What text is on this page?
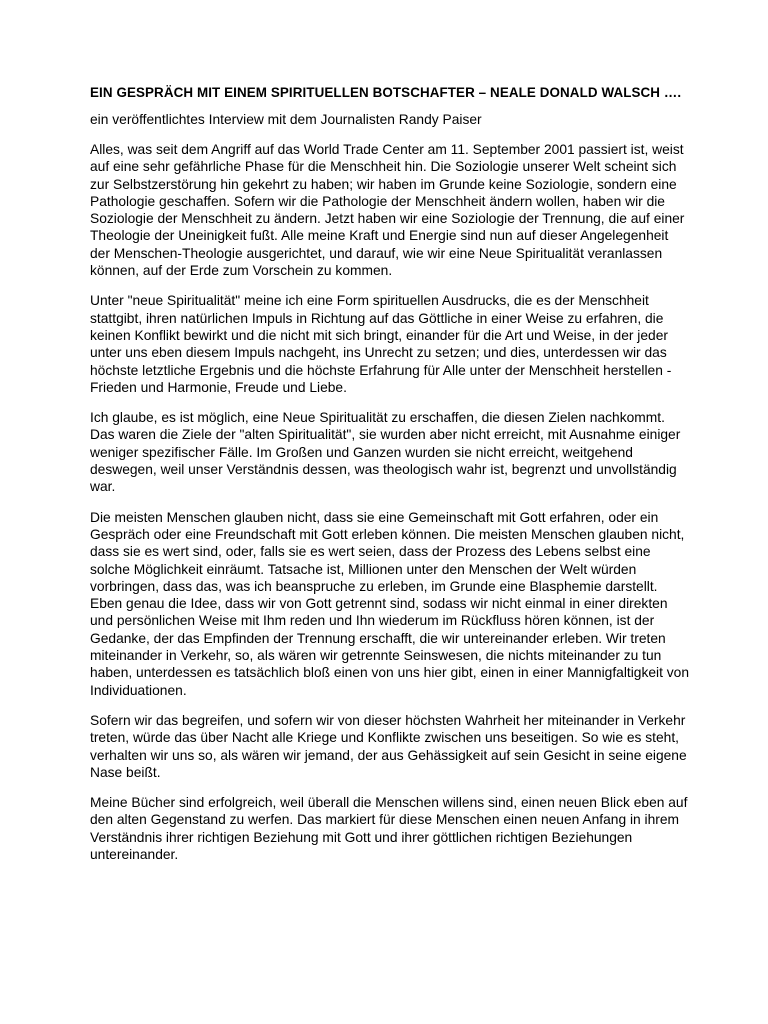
EIN GESPRÄCH MIT EINEM SPIRITUELLEN BOTSCHAFTER – NEALE DONALD WALSCH ….
ein veröffentlichtes Interview mit dem Journalisten Randy Paiser

Alles, was seit dem Angriff auf das World Trade Center am 11. September 2001 passiert ist, weist auf eine sehr gefährliche Phase für die Menschheit hin. Die Soziologie unserer Welt scheint sich zur Selbstzerstörung hin gekehrt zu haben; wir haben im Grunde keine Soziologie, sondern eine Pathologie geschaffen. Sofern wir die Pathologie der Menschheit ändern wollen, haben wir die Soziologie der Menschheit zu ändern. Jetzt haben wir eine Soziologie der Trennung, die auf einer Theologie der Uneinigkeit fußt. Alle meine Kraft und Energie sind nun auf dieser Angelegenheit der Menschen-Theologie ausgerichtet, und darauf, wie wir eine Neue Spiritualität veranlassen können, auf der Erde zum Vorschein zu kommen.

Unter "neue Spiritualität" meine ich eine Form spirituellen Ausdrucks, die es der Menschheit stattgibt, ihren natürlichen Impuls in Richtung auf das Göttliche in einer Weise zu erfahren, die keinen Konflikt bewirkt und die nicht mit sich bringt, einander für die Art und Weise, in der jeder unter uns eben diesem Impuls nachgeht, ins Unrecht zu setzen; und dies, unterdessen wir das höchste letztliche Ergebnis und die höchste Erfahrung für Alle unter der Menschheit herstellen - Frieden und Harmonie, Freude und Liebe.

Ich glaube, es ist möglich, eine Neue Spiritualität zu erschaffen, die diesen Zielen nachkommt. Das waren die Ziele der "alten Spiritualität", sie wurden aber nicht erreicht, mit Ausnahme einiger weniger spezifischer Fälle. Im Großen und Ganzen wurden sie nicht erreicht, weitgehend deswegen, weil unser Verständnis dessen, was theologisch wahr ist, begrenzt und unvollständig war.

Die meisten Menschen glauben nicht, dass sie eine Gemeinschaft mit Gott erfahren, oder ein Gespräch oder eine Freundschaft mit Gott erleben können. Die meisten Menschen glauben nicht, dass sie es wert sind, oder, falls sie es wert seien, dass der Prozess des Lebens selbst eine solche Möglichkeit einräumt. Tatsache ist, Millionen unter den Menschen der Welt würden vorbringen, dass das, was ich beanspruche zu erleben, im Grunde eine Blasphemie darstellt. Eben genau die Idee, dass wir von Gott getrennt sind, sodass wir nicht einmal in einer direkten und persönlichen Weise mit Ihm reden und Ihn wiederum im Rückfluss hören können, ist der Gedanke, der das Empfinden der Trennung erschafft, die wir untereinander erleben. Wir treten miteinander in Verkehr, so, als wären wir getrennte Seinswesen, die nichts miteinander zu tun haben, unterdessen es tatsächlich bloß einen von uns hier gibt, einen in einer Mannigfaltigkeit von Individuationen.

Sofern wir das begreifen, und sofern wir von dieser höchsten Wahrheit her miteinander in Verkehr treten, würde das über Nacht alle Kriege und Konflikte zwischen uns beseitigen. So wie es steht, verhalten wir uns so, als wären wir jemand, der aus Gehässigkeit auf sein Gesicht in seine eigene Nase beißt.

Meine Bücher sind erfolgreich, weil überall die Menschen willens sind, einen neuen Blick eben auf den alten Gegenstand zu werfen. Das markiert für diese Menschen einen neuen Anfang in ihrem Verständnis ihrer richtigen Beziehung mit Gott und ihrer göttlichen richtigen Beziehungen untereinander.
